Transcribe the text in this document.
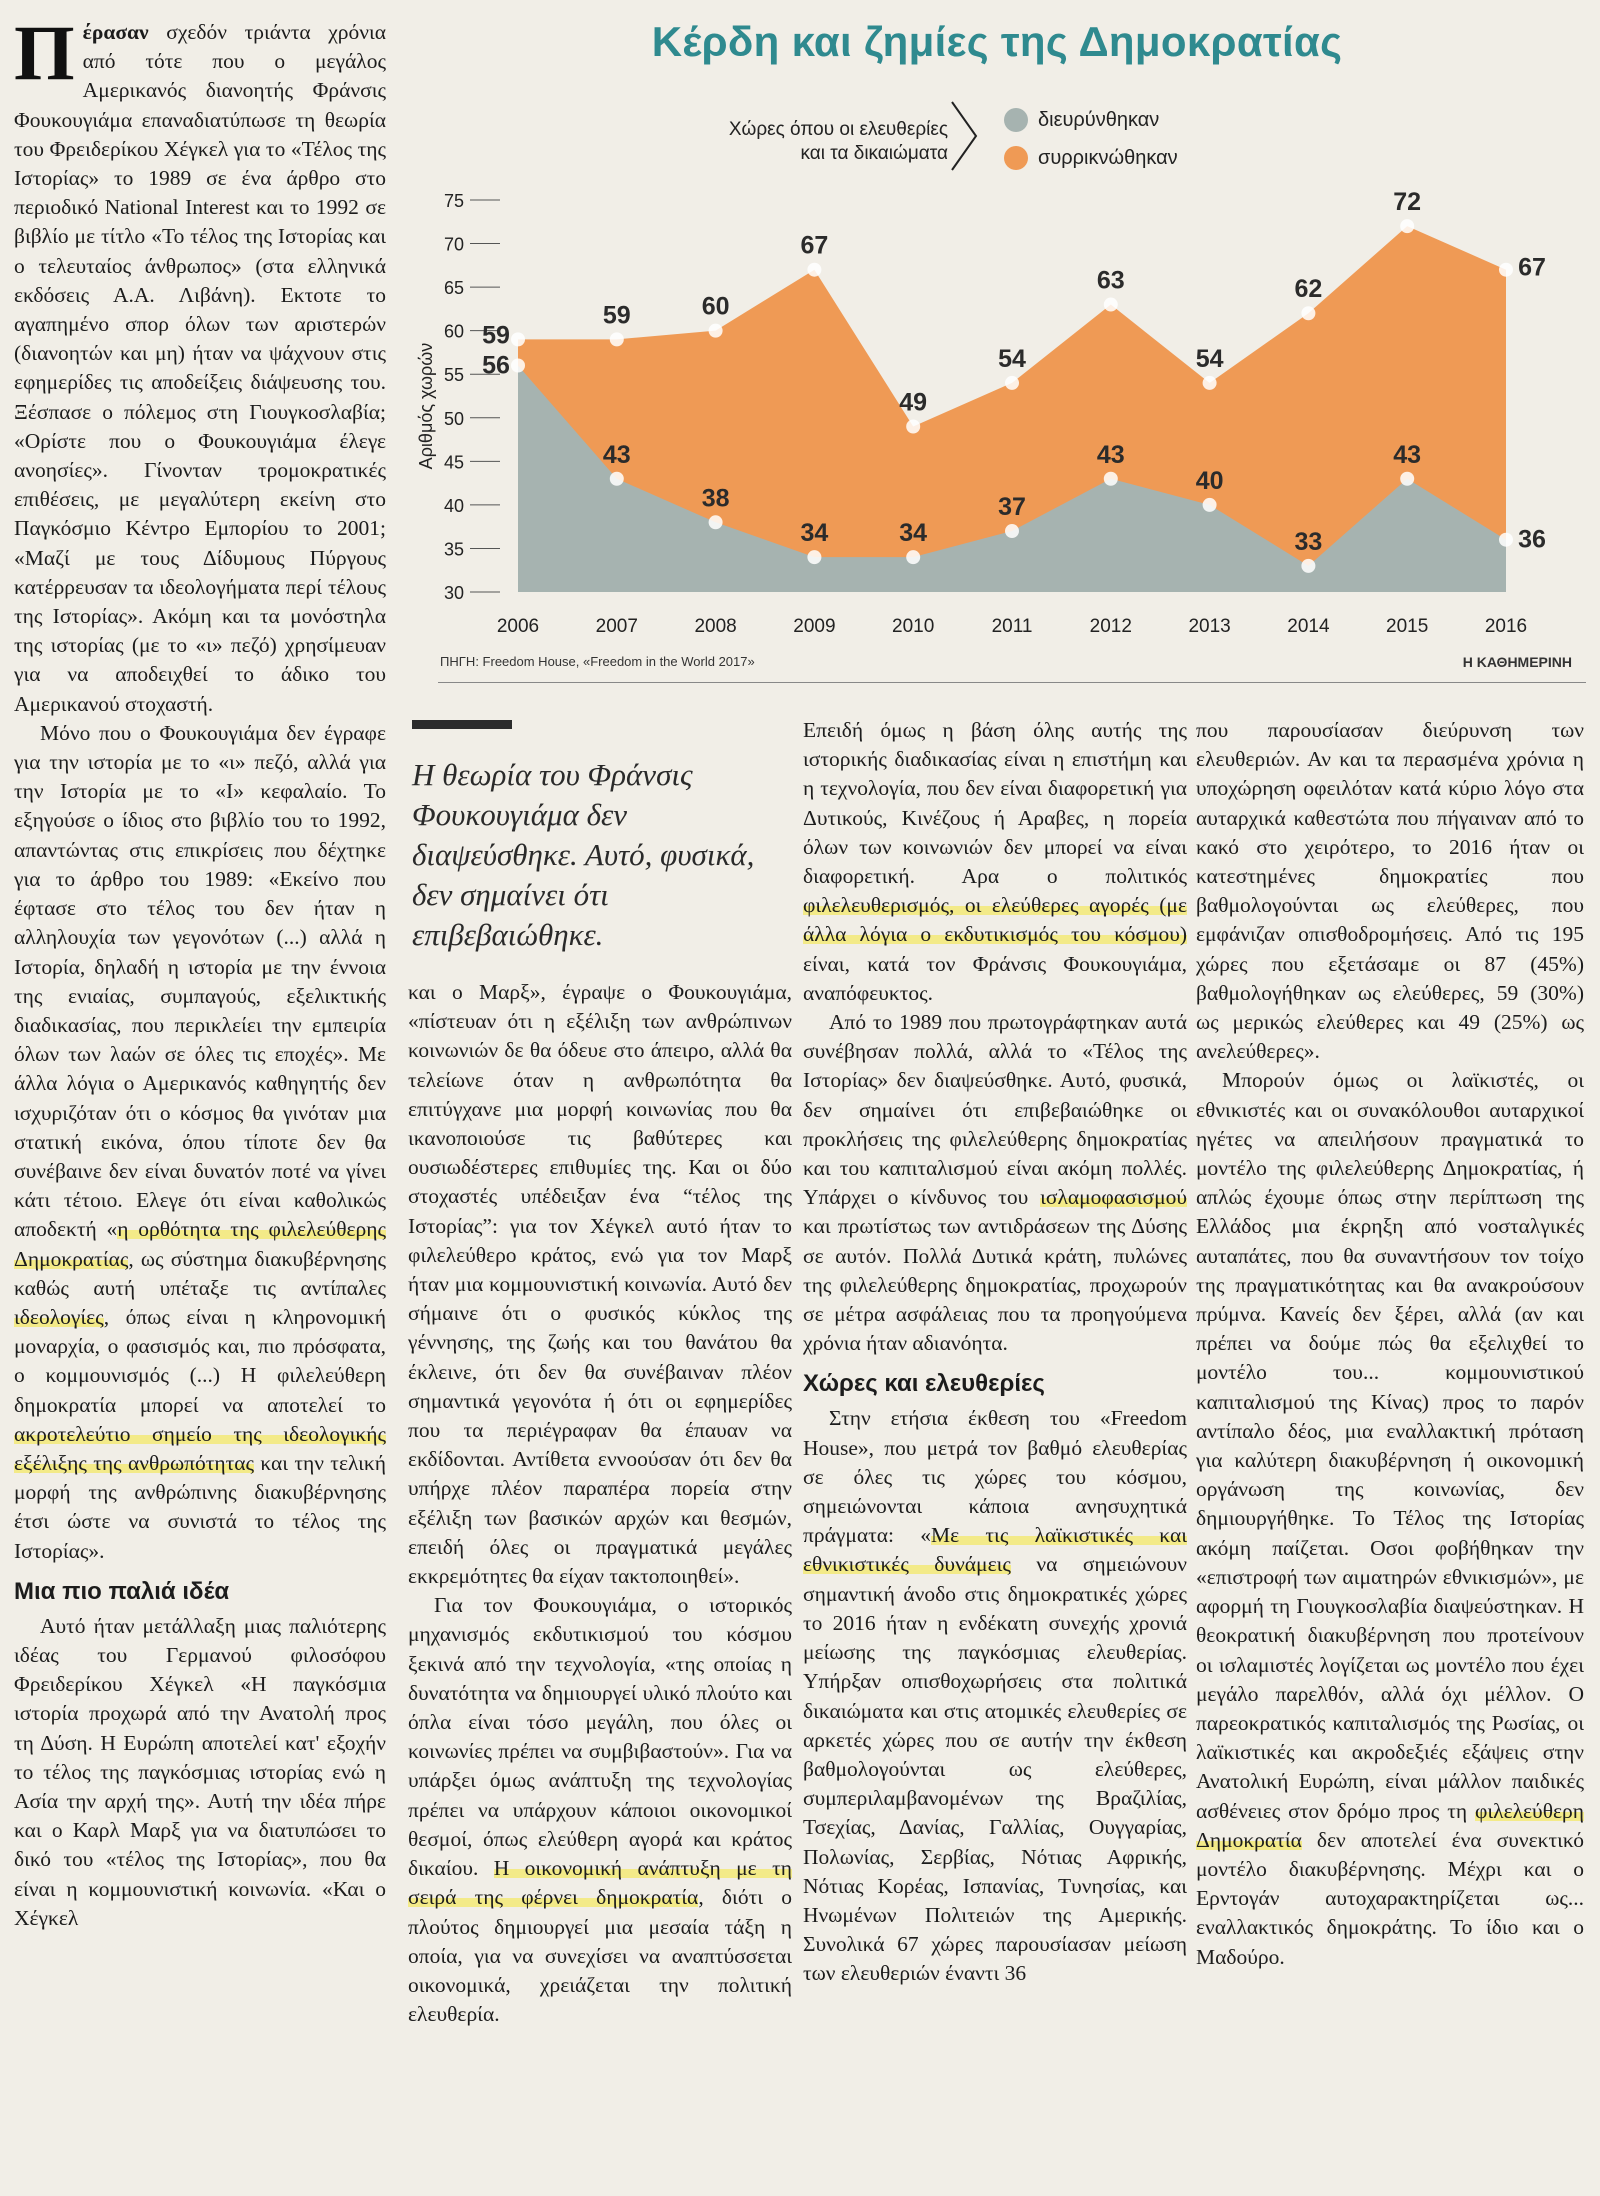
Κέρδη και ζημίες της Δημοκρατίας
Χώρες όπου οι ελευθερίες
και τα δικαιώματα
διευρύνθηκαν
συρρικνώθηκαν
30
35
40
45
50
55
60
65
70
75
Αριθμός χωρών
59
59	60
67
49
54
63
54
62
72
67
56
43
38
34	34
37
43
40
33
43
36
2006	2007	2008	2009	2010	2011	2012	2013	2014	2015	2016
ΠΗΓΗ: Freedom House, «Freedom in the World 2017»	Η ΚΑΘΗΜΕΡΙΝΗ

Πέρασαν σχεδόν τριάντα χρόνια από τότε που ο μεγάλος Αμερικανός διανοητής Φράνσις Φουκουγιάμα επαναδιατύπωσε τη θεωρία του Φρειδερίκου Χέγκελ για το «Τέλος της Ιστορίας» το 1989 σε ένα άρθρο στο περιοδικό National Interest και το 1992 σε βιβλίο με τίτλο «Το τέλος της Ιστορίας και ο τελευταίος άνθρωπος» (στα ελληνικά εκδόσεις Α.Α. Λιβάνη). Εκτοτε το αγαπημένο σπορ όλων των αριστερών (διανοητών και μη) ήταν να ψάχνουν στις εφημερίδες τις αποδείξεις διάψευσης του. Ξέσπασε ο πόλεμος στη Γιουγκοσλαβία; «Ορίστε που ο Φουκουγιάμα έλεγε ανοησίες». Γίνονταν τρομοκρατικές επιθέσεις, με μεγαλύτερη εκείνη στο Παγκόσμιο Κέντρο Εμπορίου το 2001; «Μαζί με τους Δίδυμους Πύργους κατέρρευσαν τα ιδεολογήματα περί τέλους της Ιστορίας». Ακόμη και τα μονόστηλα της ιστορίας (με το «ι» πεζό) χρησίμευαν για να αποδειχθεί το άδικο του Αμερικανού στοχαστή.

Μόνο που ο Φουκουγιάμα δεν έγραφε για την ιστορία με το «ι» πεζό, αλλά για την Ιστορία με το «Ι» κεφαλαίο. Το εξηγούσε ο ίδιος στο βιβλίο του το 1992, απαντώντας στις επικρίσεις που δέχτηκε για το άρθρο του 1989: «Εκείνο που έφτασε στο τέλος του δεν ήταν η αλληλουχία των γεγονότων (...) αλλά η Ιστορία, δηλαδή η ιστορία με την έννοια της ενιαίας, συμπαγούς, εξελικτικής διαδικασίας, που περικλείει την εμπειρία όλων των λαών σε όλες τις εποχές». Με άλλα λόγια ο Αμερικανός καθηγητής δεν ισχυριζόταν ότι ο κόσμος θα γινόταν μια στατική εικόνα, όπου τίποτε δεν θα συνέβαινε δεν είναι δυνατόν ποτέ να γίνει κάτι τέτοιο. Ελεγε ότι είναι καθολικώς αποδεκτή «η ορθότητα της φιλελεύθερης Δημοκρατίας, ως σύστημα διακυβέρνησης καθώς αυτή υπέταξε τις αντίπαλες ιδεολογίες, όπως είναι η κληρονομική μοναρχία, ο φασισμός και, πιο πρόσφατα, ο κομμουνισμός (...) Η φιλελεύθερη δημοκρατία μπορεί να αποτελεί το ακροτελεύτιο σημείο της ιδεολογικής εξέλιξης της ανθρωπότητας και την τελική μορφή της ανθρώπινης διακυβέρνησης έτσι ώστε να συνιστά το τέλος της Ιστορίας».

Μια πιο παλιά ιδέα

Αυτό ήταν μετάλλαξη μιας παλιότερης ιδέας του Γερμανού φιλοσόφου Φρειδερίκου Χέγκελ «Η παγκόσμια ιστορία προχωρά από την Ανατολή προς τη Δύση. Η Ευρώπη αποτελεί κατ' εξοχήν το τέλος της παγκόσμιας ιστορίας ενώ η Ασία την αρχή της». Αυτή την ιδέα πήρε και ο Καρλ Μαρξ για να διατυπώσει το δικό του «τέλος της Ιστορίας», που θα είναι η κομμουνιστική κοινωνία. «Και ο Χέγκελ

Η θεωρία του Φράνσις Φουκουγιάμα δεν διαψεύσθηκε. Αυτό, φυσικά, δεν σημαίνει ότι επιβεβαιώθηκε.

και ο Μαρξ», έγραψε ο Φουκουγιάμα, «πίστευαν ότι η εξέλιξη των ανθρώπινων κοινωνιών δε θα όδευε στο άπειρο, αλλά θα τελείωνε όταν η ανθρωπότητα θα επιτύγχανε μια μορφή κοινωνίας που θα ικανοποιούσε τις βαθύτερες και ουσιωδέστερες επιθυμίες της. Και οι δύο στοχαστές υπέδειξαν ένα “τέλος της Ιστορίας”: για τον Χέγκελ αυτό ήταν το φιλελεύθερο κράτος, ενώ για τον Μαρξ ήταν μια κομμουνιστική κοινωνία. Αυτό δεν σήμαινε ότι ο φυσικός κύκλος της γέννησης, της ζωής και του θανάτου θα έκλεινε, ότι δεν θα συνέβαιναν πλέον σημαντικά γεγονότα ή ότι οι εφημερίδες που τα περιέγραφαν θα έπαυαν να εκδίδονται. Αντίθετα εννοούσαν ότι δεν θα υπήρχε πλέον παραπέρα πορεία στην εξέλιξη των βασικών αρχών και θεσμών, επειδή όλες οι πραγματικά μεγάλες εκκρεμότητες θα είχαν τακτοποιηθεί».

Για τον Φουκουγιάμα, ο ιστορικός μηχανισμός εκδυτικισμού του κόσμου ξεκινά από την τεχνολογία, «της οποίας η δυνατότητα να δημιουργεί υλικό πλούτο και όπλα είναι τόσο μεγάλη, που όλες οι κοινωνίες πρέπει να συμβιβαστούν». Για να υπάρξει όμως ανάπτυξη της τεχνολογίας πρέπει να υπάρχουν κάποιοι οικονομικοί θεσμοί, όπως ελεύθερη αγορά και κράτος δικαίου. Η οικονομική ανάπτυξη με τη σειρά της φέρνει δημοκρατία, διότι ο πλούτος δημιουργεί μια μεσαία τάξη η οποία, για να συνεχίσει να αναπτύσσεται οικονομικά, χρειάζεται την πολιτική ελευθερία.

Επειδή όμως η βάση όλης αυτής της ιστορικής διαδικασίας είναι η επιστήμη και η τεχνολογία, που δεν είναι διαφορετική για Δυτικούς, Κινέζους ή Αραβες, η πορεία όλων των κοινωνιών δεν μπορεί να είναι διαφορετική. Αρα ο πολιτικός φιλελευθερισμός, οι ελεύθερες αγορές (με άλλα λόγια ο εκδυτικισμός του κόσμου) είναι, κατά τον Φράνσις Φουκουγιάμα, αναπόφευκτος.

Από το 1989 που πρωτογράφτηκαν αυτά συνέβησαν πολλά, αλλά το «Τέλος της Ιστορίας» δεν διαψεύσθηκε. Αυτό, φυσικά, δεν σημαίνει ότι επιβεβαιώθηκε οι προκλήσεις της φιλελεύθερης δημοκρατίας και του καπιταλισμού είναι ακόμη πολλές. Υπάρχει ο κίνδυνος του ισλαμοφασισμού και πρωτίστως των αντιδράσεων της Δύσης σε αυτόν. Πολλά Δυτικά κράτη, πυλώνες της φιλελεύθερης δημοκρατίας, προχωρούν σε μέτρα ασφάλειας που τα προηγούμενα χρόνια ήταν αδιανόητα.

Χώρες και ελευθερίες

Στην ετήσια έκθεση του «Freedom House», που μετρά τον βαθμό ελευθερίας σε όλες τις χώρες του κόσμου, σημειώνονται κάποια ανησυχητικά πράγματα: «Με τις λαϊκιστικές και εθνικιστικές δυνάμεις να σημειώνουν σημαντική άνοδο στις δημοκρατικές χώρες το 2016 ήταν η ενδέκατη συνεχής χρονιά μείωσης της παγκόσμιας ελευθερίας. Υπήρξαν οπισθοχωρήσεις στα πολιτικά δικαιώματα και στις ατομικές ελευθερίες σε αρκετές χώρες που σε αυτήν την έκθεση βαθμολογούνται ως ελεύθερες, συμπεριλαμβανομένων της Βραζιλίας, Τσεχίας, Δανίας, Γαλλίας, Ουγγαρίας, Πολωνίας, Σερβίας, Νότιας Αφρικής, Νότιας Κορέας, Ισπανίας, Τυνησίας, και Ηνωμένων Πολιτειών της Αμερικής. Συνολικά 67 χώρες παρουσίασαν μείωση των ελευθεριών έναντι 36

που παρουσίασαν διεύρυνση των ελευθεριών. Αν και τα περασμένα χρόνια η υποχώρηση οφειλόταν κατά κύριο λόγο στα αυταρχικά καθεστώτα που πήγαιναν από το κακό στο χειρότερο, το 2016 ήταν οι κατεστημένες δημοκρατίες που βαθμολογούνται ως ελεύθερες, που εμφάνιζαν οπισθοδρομήσεις. Από τις 195 χώρες που εξετάσαμε οι 87 (45%) βαθμολογήθηκαν ως ελεύθερες, 59 (30%) ως μερικώς ελεύθερες και 49 (25%) ως ανελεύθερες».

Μπορούν όμως οι λαϊκιστές, οι εθνικιστές και οι συνακόλουθοι αυταρχικοί ηγέτες να απειλήσουν πραγματικά το μοντέλο της φιλελεύθερης Δημοκρατίας, ή απλώς έχουμε όπως στην περίπτωση της Ελλάδος μια έκρηξη από νοσταλγικές αυταπάτες, που θα συναντήσουν τον τοίχο της πραγματικότητας και θα ανακρούσουν πρύμνα. Κανείς δεν ξέρει, αλλά (αν και πρέπει να δούμε πώς θα εξελιχθεί το μοντέλο του... κομμουνιστικού καπιταλισμού της Κίνας) προς το παρόν αντίπαλο δέος, μια εναλλακτική πρόταση για καλύτερη διακυβέρνηση ή οικονομική οργάνωση της κοινωνίας, δεν δημιουργήθηκε. Το Τέλος της Ιστορίας ακόμη παίζεται. Οσοι φοβήθηκαν την «επιστροφή των αιματηρών εθνικισμών», με αφορμή τη Γιουγκοσλαβία διαψεύστηκαν. Η θεοκρατική διακυβέρνηση που προτείνουν οι ισλαμιστές λογίζεται ως μοντέλο που έχει μεγάλο παρελθόν, αλλά όχι μέλλον. Ο παρεοκρατικός καπιταλισμός της Ρωσίας, οι λαϊκιστικές και ακροδεξιές εξάψεις στην Ανατολική Ευρώπη, είναι μάλλον παιδικές ασθένειες στον δρόμο προς τη φιλελεύθερη Δημοκρατία δεν αποτελεί ένα συνεκτικό μοντέλο διακυβέρνησης. Μέχρι και ο Ερντογάν αυτοχαρακτηρίζεται ως... εναλλακτικός δημοκράτης. Το ίδιο και ο Μαδούρο.
